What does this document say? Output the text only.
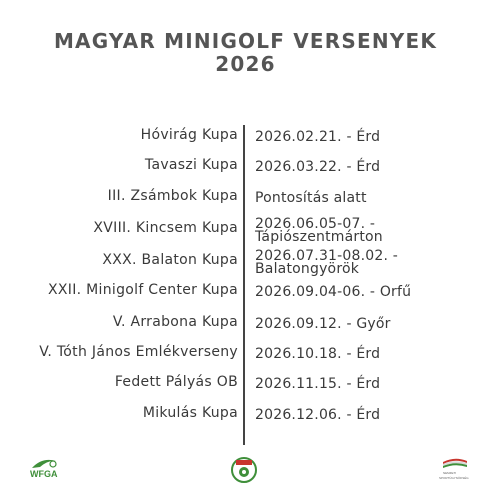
MAGYAR MINIGOLF VERSENYEK
2026
Hóvirág Kupa 2026.02.21. - Érd
Tavaszi Kupa 2026.03.22. - Érd
III. Zsámbok Kupa Pontosítás alatt
XVIII. Kincsem Kupa 2026.06.05-07. -
Tápiószentmárton
XXX. Balaton Kupa 2026.07.31-08.02. -
Balatongyörök
XXII. Minigolf Center Kupa 2026.09.04-06. - Orfű
V. Arrabona Kupa 2026.09.12. - Győr
V. Tóth János Emlékverseny 2026.10.18. - Érd
Fedett Pályás OB 2026.11.15. - Érd
Mikulás Kupa 2026.12.06. - Érd
WFGA	NEMZETI
SPORTÜGYNÖKSÉG
